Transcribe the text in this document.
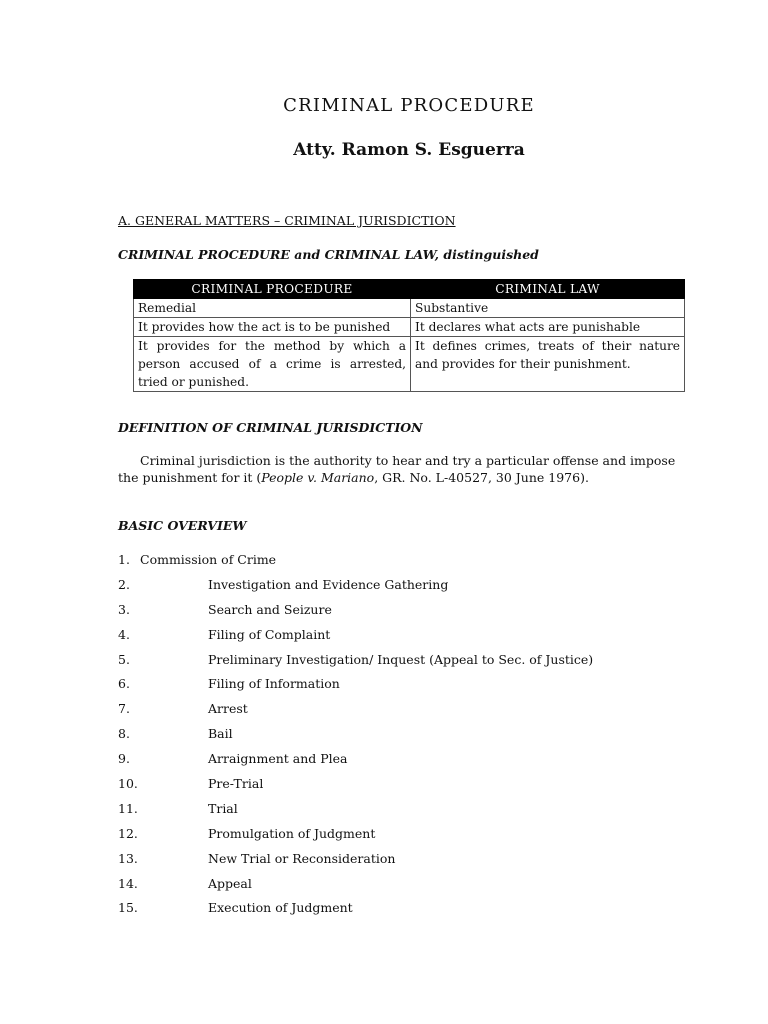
CRIMINAL PROCEDURE
Atty. Ramon S. Esguerra
A. GENERAL MATTERS – CRIMINAL JURISDICTION
CRIMINAL PROCEDURE and CRIMINAL LAW, distinguished
CRIMINAL PROCEDURE	CRIMINAL LAW
Remedial	Substantive
It provides how the act is to be punished	It declares what acts are punishable
It provides for the method by which a person accused of a crime is arrested, tried or punished.	It defines crimes, treats of their nature and provides for their punishment.
DEFINITION OF CRIMINAL JURISDICTION
Criminal jurisdiction is the authority to hear and try a particular offense and impose the punishment for it (People v. Mariano, GR. No. L-40527, 30 June 1976).
BASIC OVERVIEW
1. Commission of Crime
2.	Investigation and Evidence Gathering
3.	Search and Seizure
4.	Filing of Complaint
5.	Preliminary Investigation/ Inquest (Appeal to Sec. of Justice)
6.	Filing of Information
7.	Arrest
8.	Bail
9.	Arraignment and Plea
10.	Pre-Trial
11.	Trial
12.	Promulgation of Judgment
13.	New Trial or Reconsideration
14.	Appeal
15.	Execution of Judgment
